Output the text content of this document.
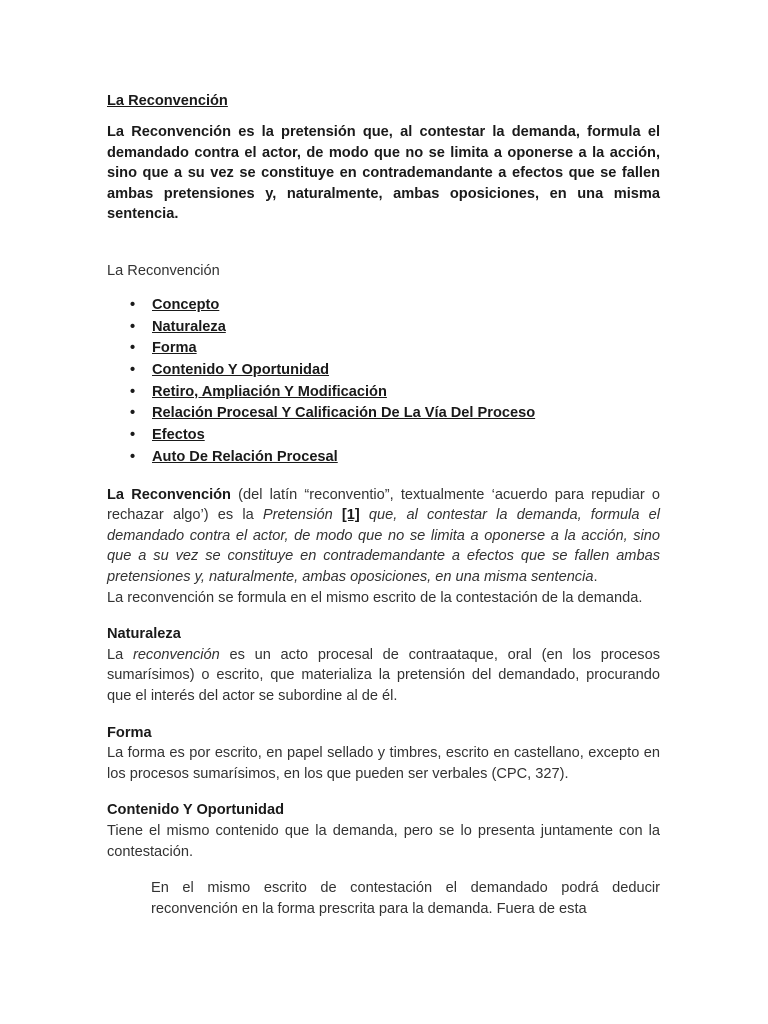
La Reconvención

La Reconvención es la pretensión que, al contestar la demanda, formula el demandado contra el actor, de modo que no se limita a oponerse a la acción, sino que a su vez se constituye en contrademandante a efectos que se fallen ambas pretensiones y, naturalmente, ambas oposiciones, en una misma sentencia.

La Reconvención

• Concepto
• Naturaleza
• Forma
• Contenido Y Oportunidad
• Retiro, Ampliación Y Modificación
• Relación Procesal Y Calificación De La Vía Del Proceso
• Efectos
• Auto De Relación Procesal

La Reconvención (del latín “reconventio”, textualmente ‘acuerdo para repudiar o rechazar algo’) es la Pretensión [1] que, al contestar la demanda, formula el demandado contra el actor, de modo que no se limita a oponerse a la acción, sino que a su vez se constituye en contrademandante a efectos que se fallen ambas pretensiones y, naturalmente, ambas oposiciones, en una misma sentencia.

La reconvención se formula en el mismo escrito de la contestación de la demanda.

Naturaleza

La reconvención es un acto procesal de contraataque, oral (en los procesos sumarísimos) o escrito, que materializa la pretensión del demandado, procurando que el interés del actor se subordine al de él.

Forma

La forma es por escrito, en papel sellado y timbres, escrito en castellano, excepto en los procesos sumarísimos, en los que pueden ser verbales (CPC, 327).

Contenido Y Oportunidad

Tiene el mismo contenido que la demanda, pero se lo presenta juntamente con la contestación.

En el mismo escrito de contestación el demandado podrá deducir reconvención en la forma prescrita para la demanda. Fuera de esta
